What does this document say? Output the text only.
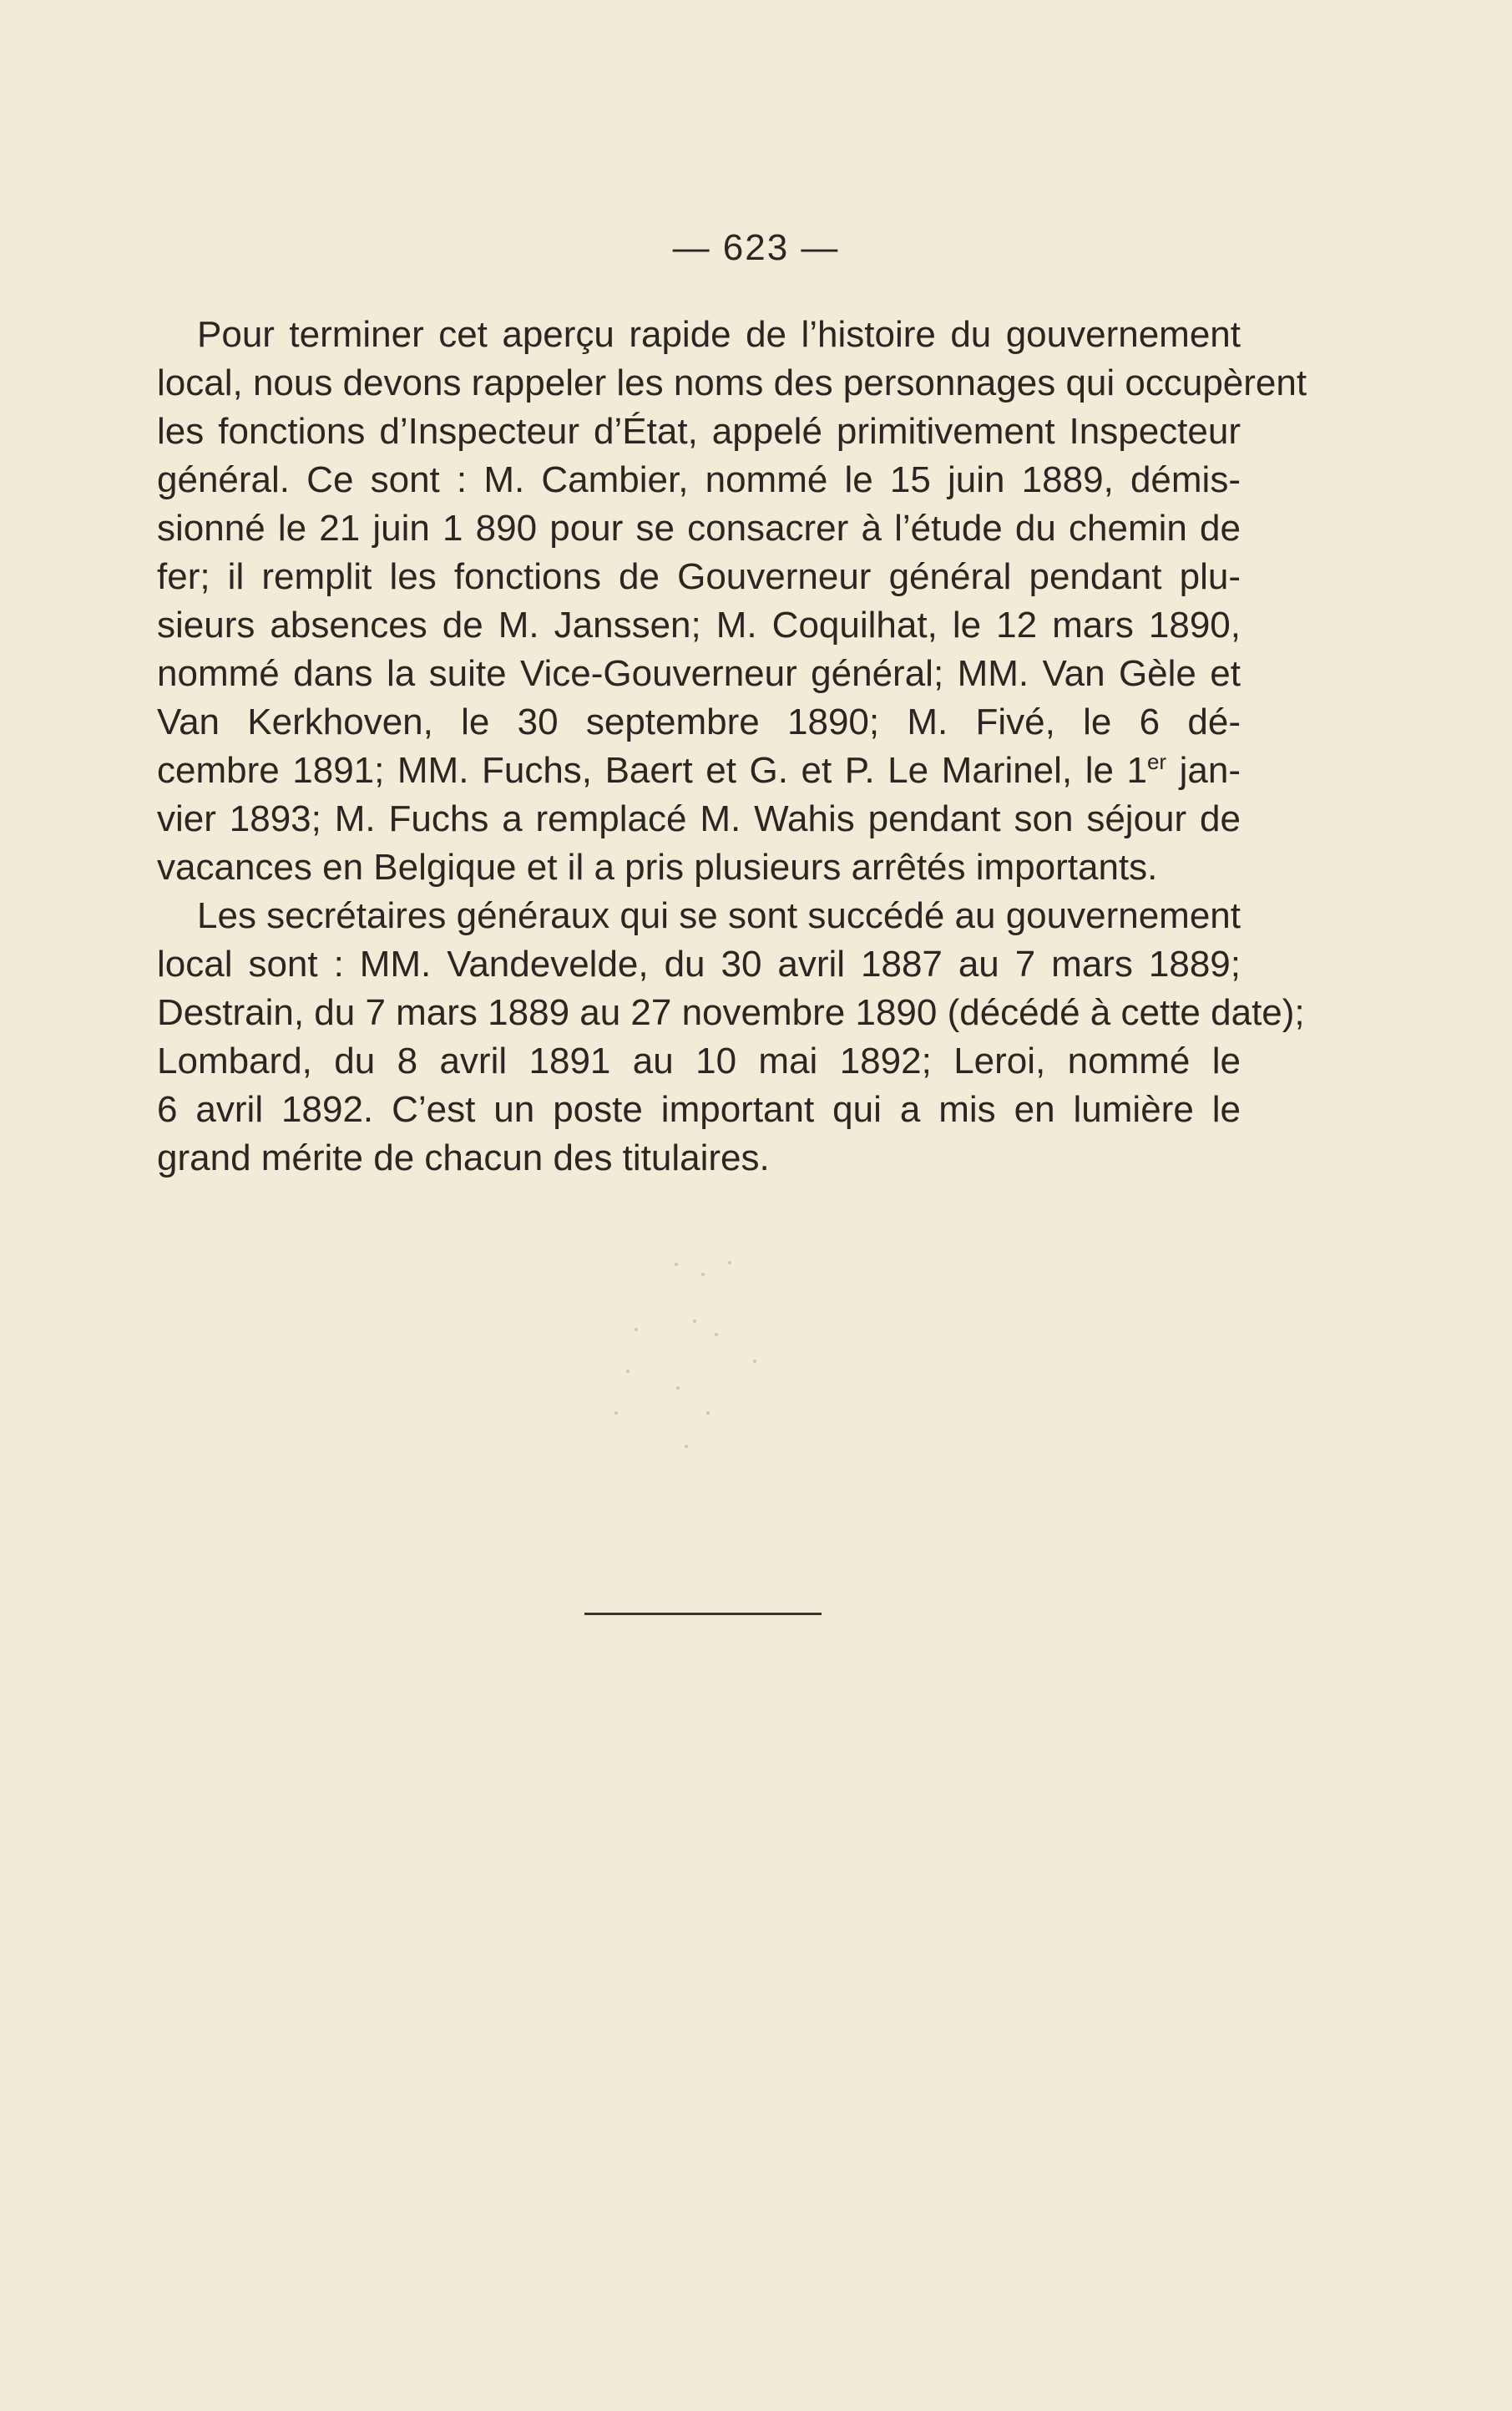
— 623 —
Pour terminer cet aperçu rapide de l’histoire du gouvernement
local, nous devons rappeler les noms des personnages qui occupèrent
les fonctions d’Inspecteur d’État, appelé primitivement Inspecteur
général. Ce sont : M. Cambier, nommé le 15 juin 1889, démis-
sionné le 21 juin 1 890 pour se consacrer à l’étude du chemin de
fer; il remplit les fonctions de Gouverneur général pendant plu-
sieurs absences de M. Janssen; M. Coquilhat, le 12 mars 1890,
nommé dans la suite Vice-Gouverneur général; MM. Van Gèle et
Van Kerkhoven, le 30 septembre 1890; M. Fivé, le 6 dé-
cembre 1891; MM. Fuchs, Baert et G. et P. Le Marinel, le 1er jan-
vier 1893; M. Fuchs a remplacé M. Wahis pendant son séjour de
vacances en Belgique et il a pris plusieurs arrêtés importants.
Les secrétaires généraux qui se sont succédé au gouvernement
local sont : MM. Vandevelde, du 30 avril 1887 au 7 mars 1889;
Destrain, du 7 mars 1889 au 27 novembre 1890 (décédé à cette date);
Lombard, du 8 avril 1891 au 10 mai 1892; Leroi, nommé le
6 avril 1892. C’est un poste important qui a mis en lumière le
grand mérite de chacun des titulaires.
